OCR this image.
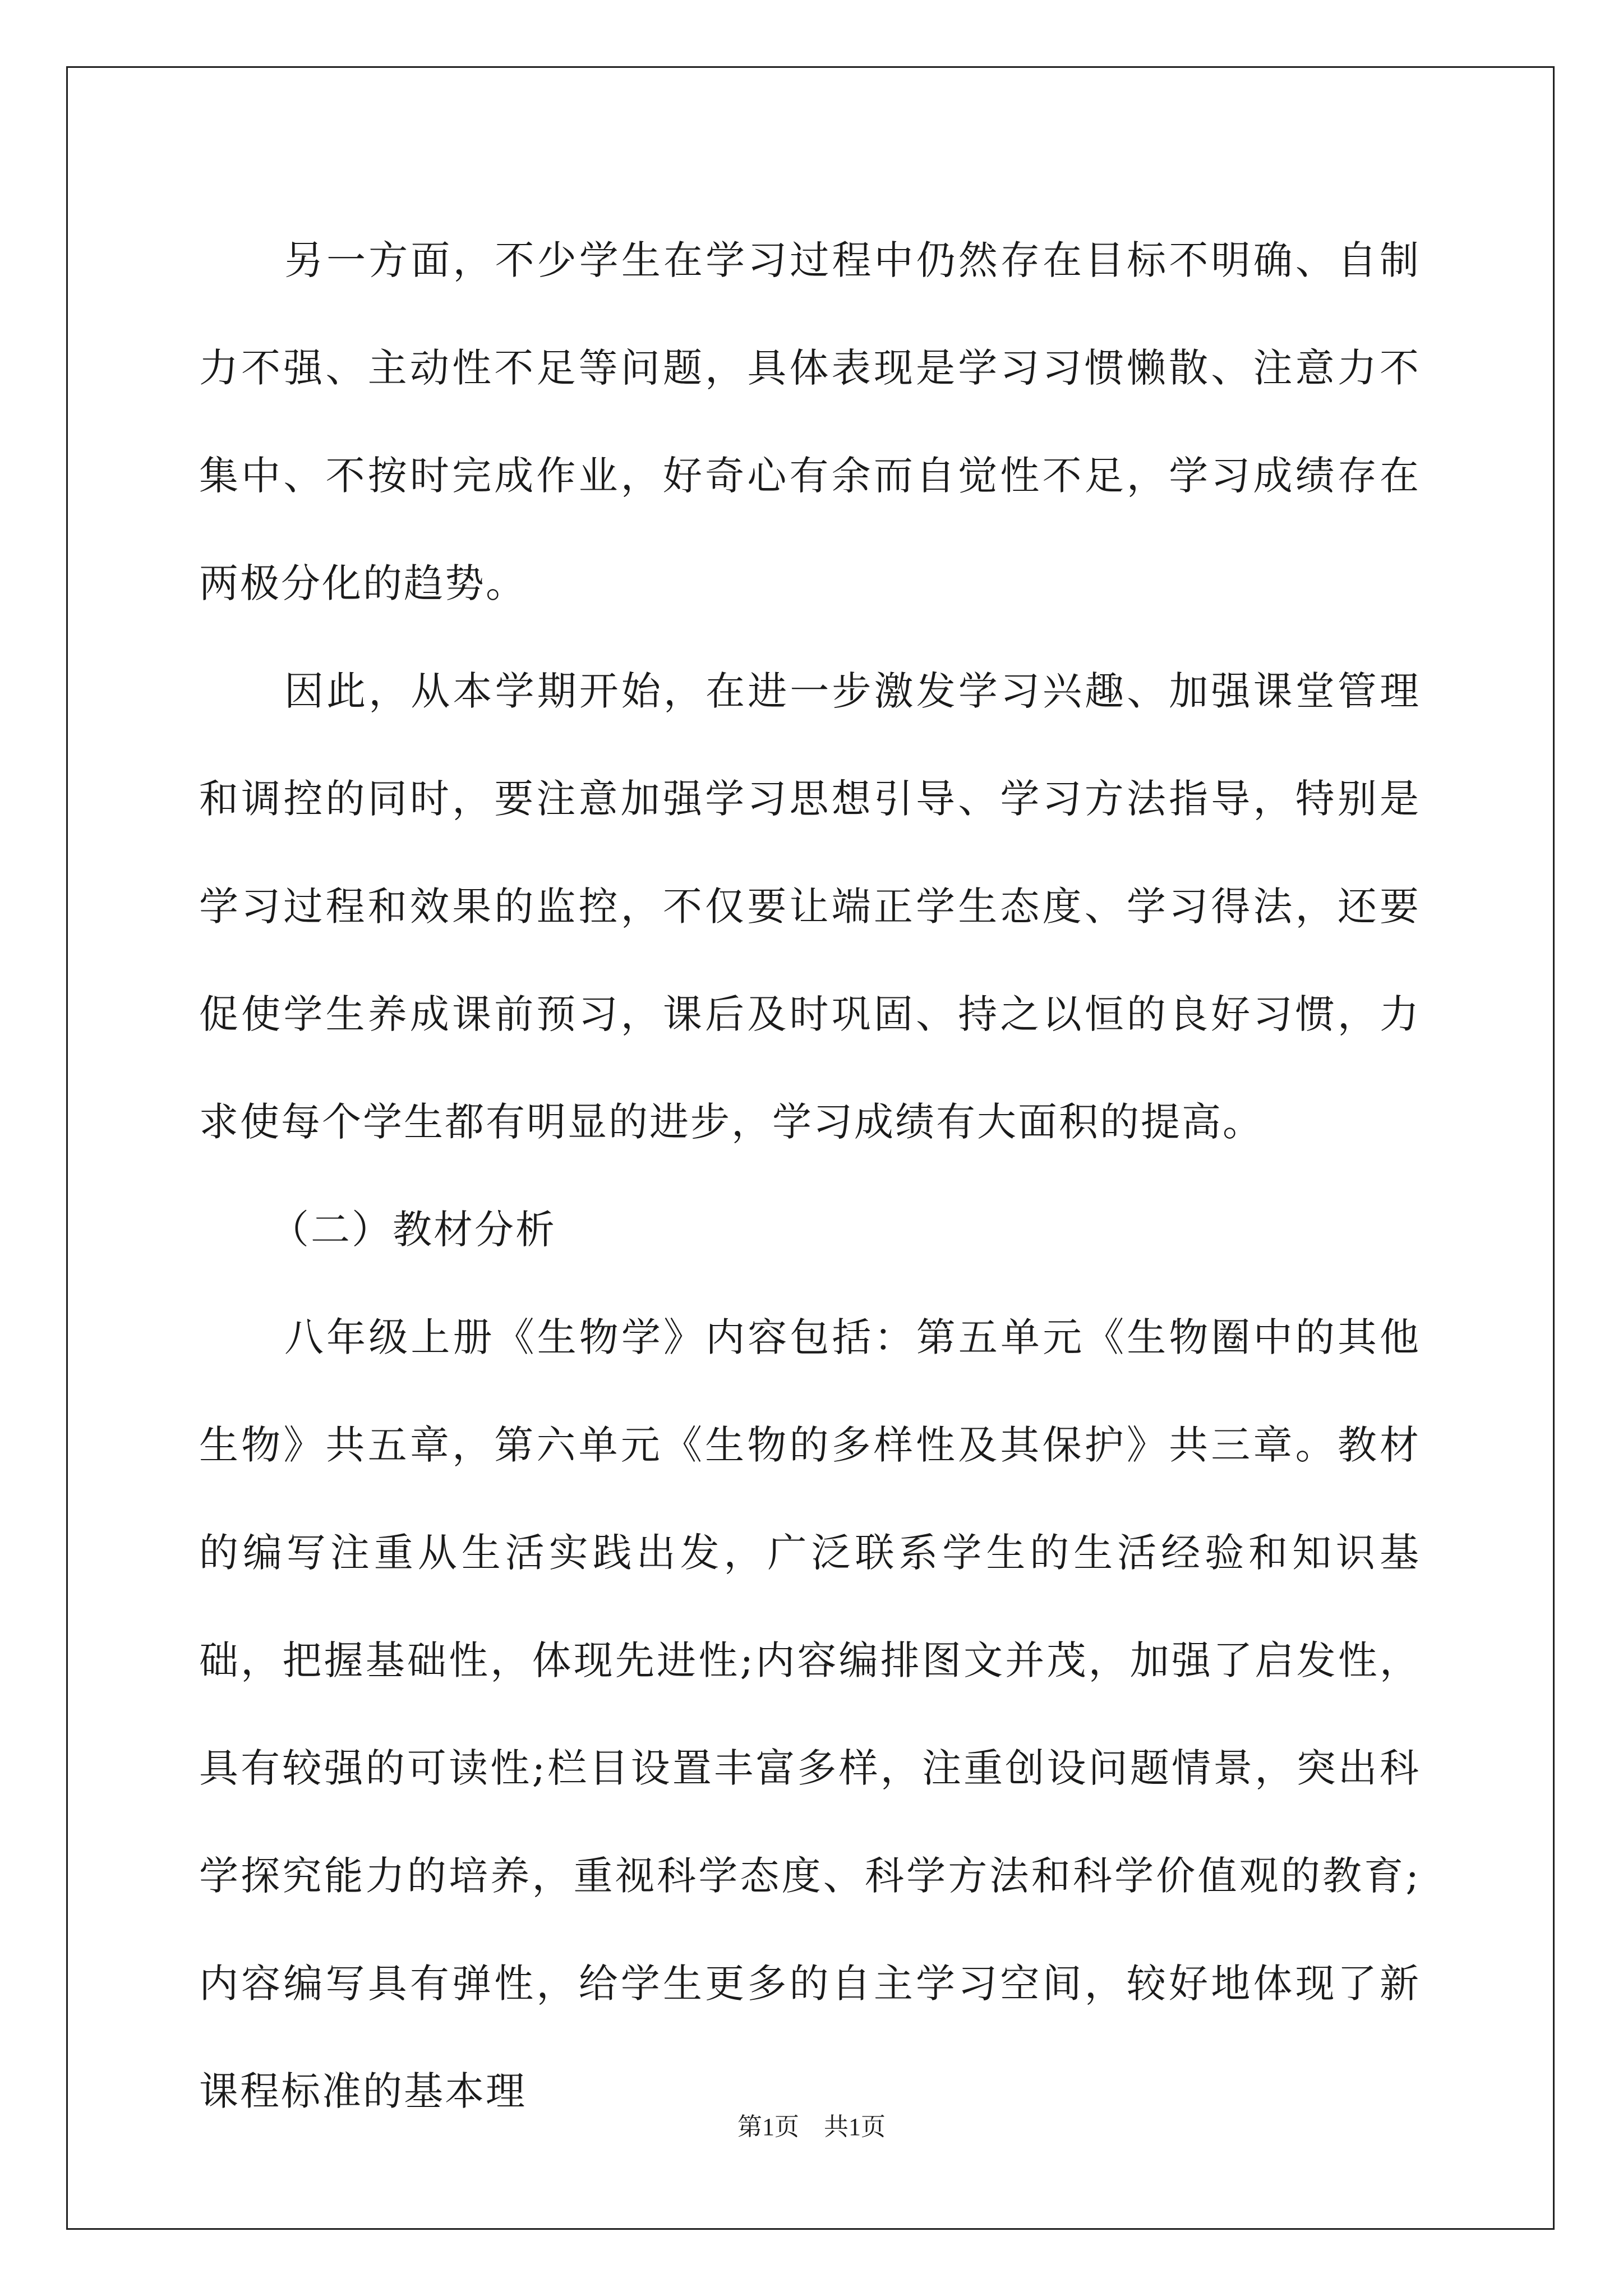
另一方面，不少学生在学习过程中仍然存在目标不明确、自制力不强、主动性不足等问题，具体表现是学习习惯懒散、注意力不集中、不按时完成作业，好奇心有余而自觉性不足，学习成绩存在两极分化的趋势。

因此，从本学期开始，在进一步激发学习兴趣、加强课堂管理和调控的同时，要注意加强学习思想引导、学习方法指导，特别是学习过程和效果的监控，不仅要让端正学生态度、学习得法，还要促使学生养成课前预习，课后及时巩固、持之以恒的良好习惯，力求使每个学生都有明显的进步，学习成绩有大面积的提高。

（二）教材分析

八年级上册《生物学》内容包括：第五单元《生物圈中的其他生物》共五章，第六单元《生物的多样性及其保护》共三章。教材的编写注重从生活实践出发，广泛联系学生的生活经验和知识基础，把握基础性，体现先进性;内容编排图文并茂，加强了启发性，具有较强的可读性;栏目设置丰富多样，注重创设问题情景，突出科学探究能力的培养，重视科学态度、科学方法和科学价值观的教育;内容编写具有弹性，给学生更多的自主学习空间，较好地体现了新课程标准的基本理

第1页　共1页
